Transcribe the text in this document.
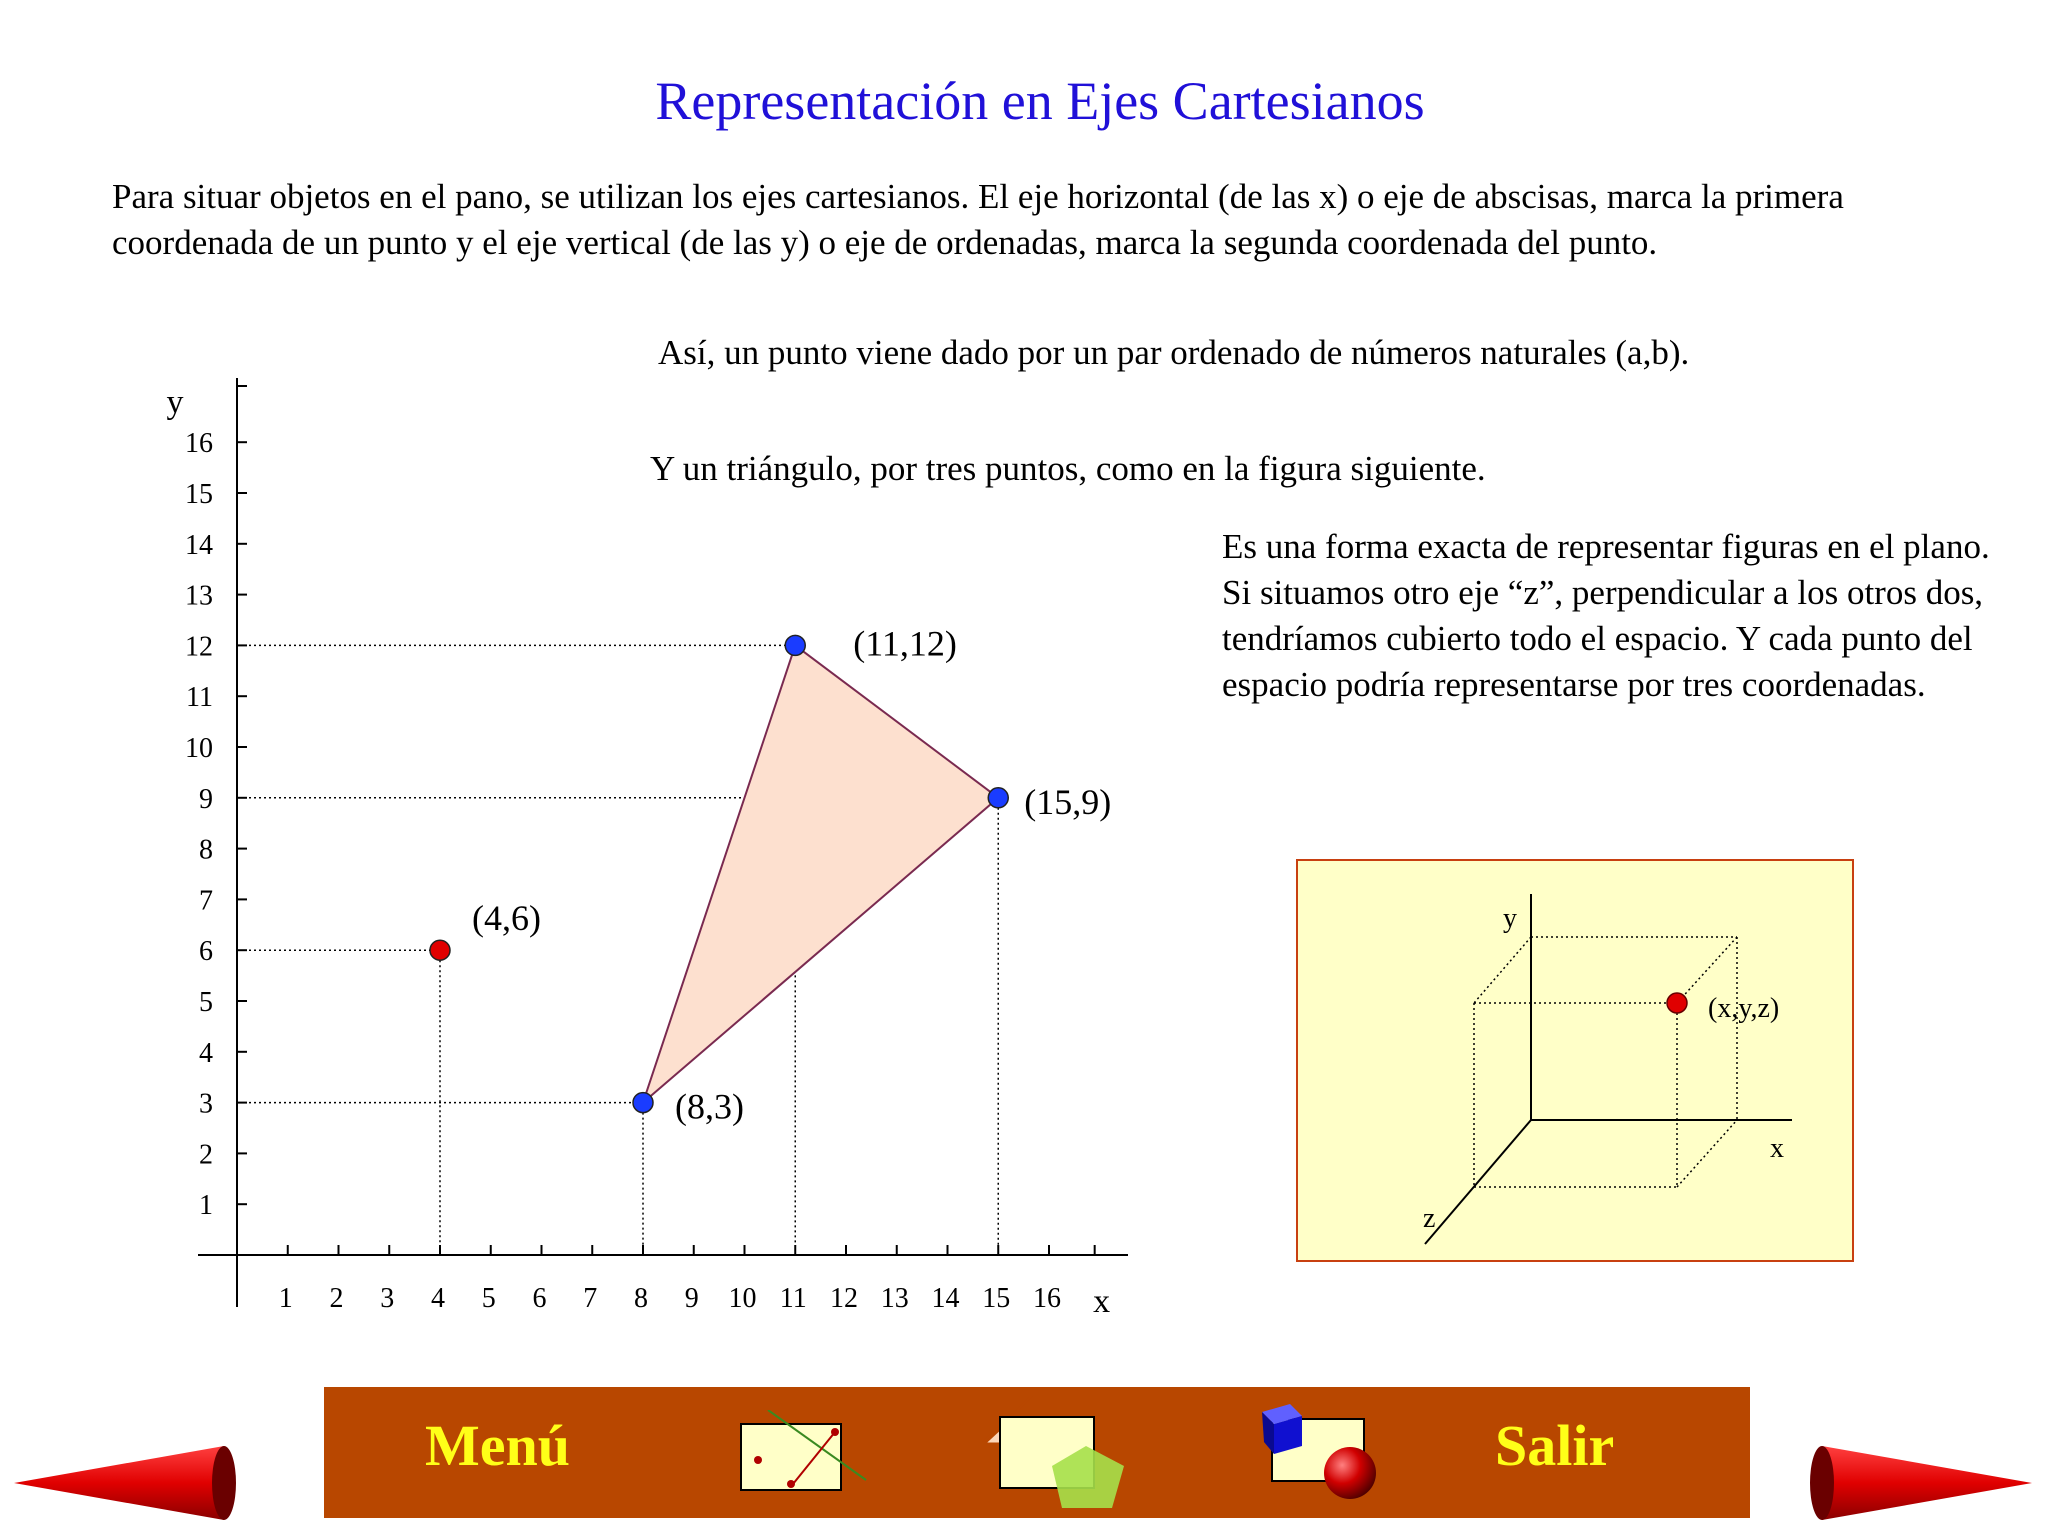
Representación en Ejes Cartesianos
Para situar objetos en el pano, se utilizan los ejes cartesianos. El eje horizontal (de las x) o eje de abscisas, marca la primera coordenada de un punto y el eje vertical (de las y) o eje de ordenadas, marca la segunda coordenada del punto.
Así, un punto viene dado por un par ordenado de números naturales (a,b).
Y un triángulo, por tres puntos, como en la figura siguiente.
Es una forma exacta de representar figuras en el plano. Si situamos otro eje “z”, perpendicular a los otros dos, tendríamos cubierto todo el espacio. Y cada punto del espacio podría representarse por tres coordenadas.
1 2 3 4 5 6 7 8 9 10 11 12 13 14 15 16
1
2
3
4
5
6
7
8
9
10
11
12
13
14
15
16
x
y
(4,6)
(8,3)
(11,12)
(15,9)
(x,y,z)
y
x
z
Menú	Salir
